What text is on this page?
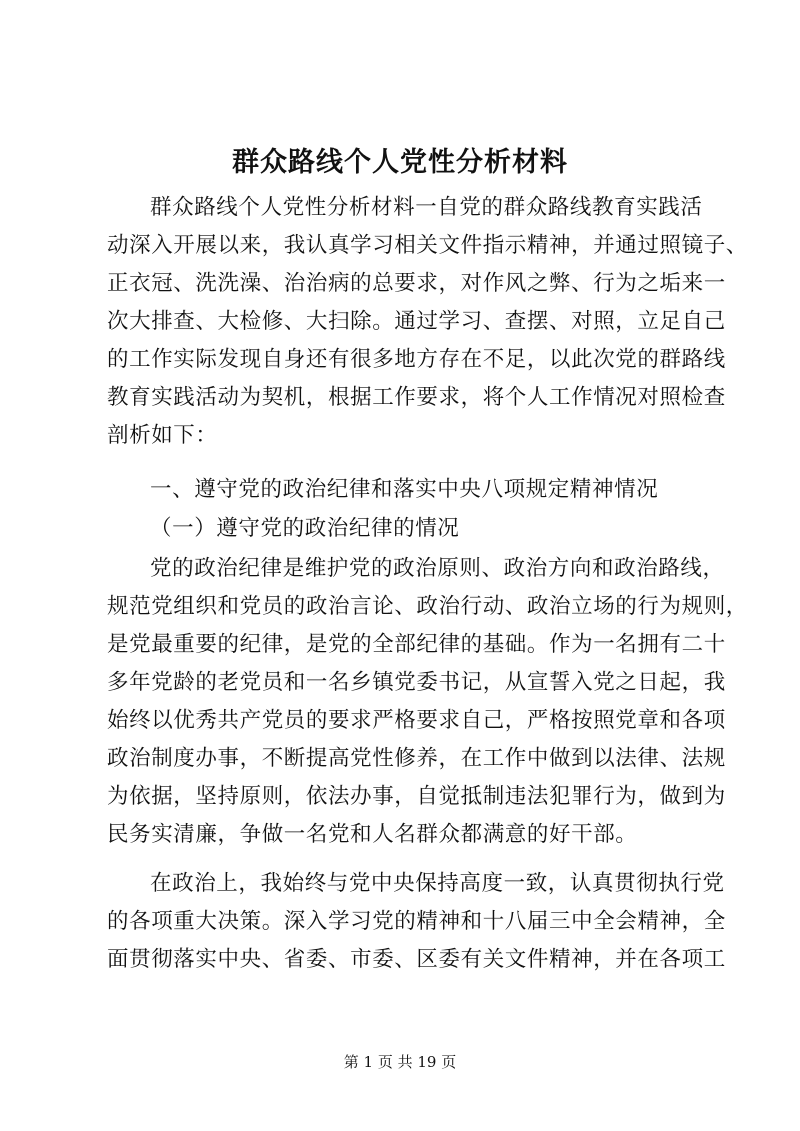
群众路线个人党性分析材料
群众路线个人党性分析材料一自党的群众路线教育实践活
动深入开展以来，我认真学习相关文件指示精神，并通过照镜子、
正衣冠、洗洗澡、治治病的总要求，对作风之弊、行为之垢来一
次大排查、大检修、大扫除。通过学习、查摆、对照，立足自己
的工作实际发现自身还有很多地方存在不足，以此次党的群路线
教育实践活动为契机，根据工作要求，将个人工作情况对照检查
剖析如下：
一、遵守党的政治纪律和落实中央八项规定精神情况
（一）遵守党的政治纪律的情况
党的政治纪律是维护党的政治原则、政治方向和政治路线，
规范党组织和党员的政治言论、政治行动、政治立场的行为规则，
是党最重要的纪律，是党的全部纪律的基础。作为一名拥有二十
多年党龄的老党员和一名乡镇党委书记，从宣誓入党之日起，我
始终以优秀共产党员的要求严格要求自己，严格按照党章和各项
政治制度办事，不断提高党性修养，在工作中做到以法律、法规
为依据，坚持原则，依法办事，自觉抵制违法犯罪行为，做到为
民务实清廉，争做一名党和人名群众都满意的好干部。
在政治上，我始终与党中央保持高度一致，认真贯彻执行党
的各项重大决策。深入学习党的精神和十八届三中全会精神，全
面贯彻落实中央、省委、市委、区委有关文件精神，并在各项工
第 1 页 共 19 页
